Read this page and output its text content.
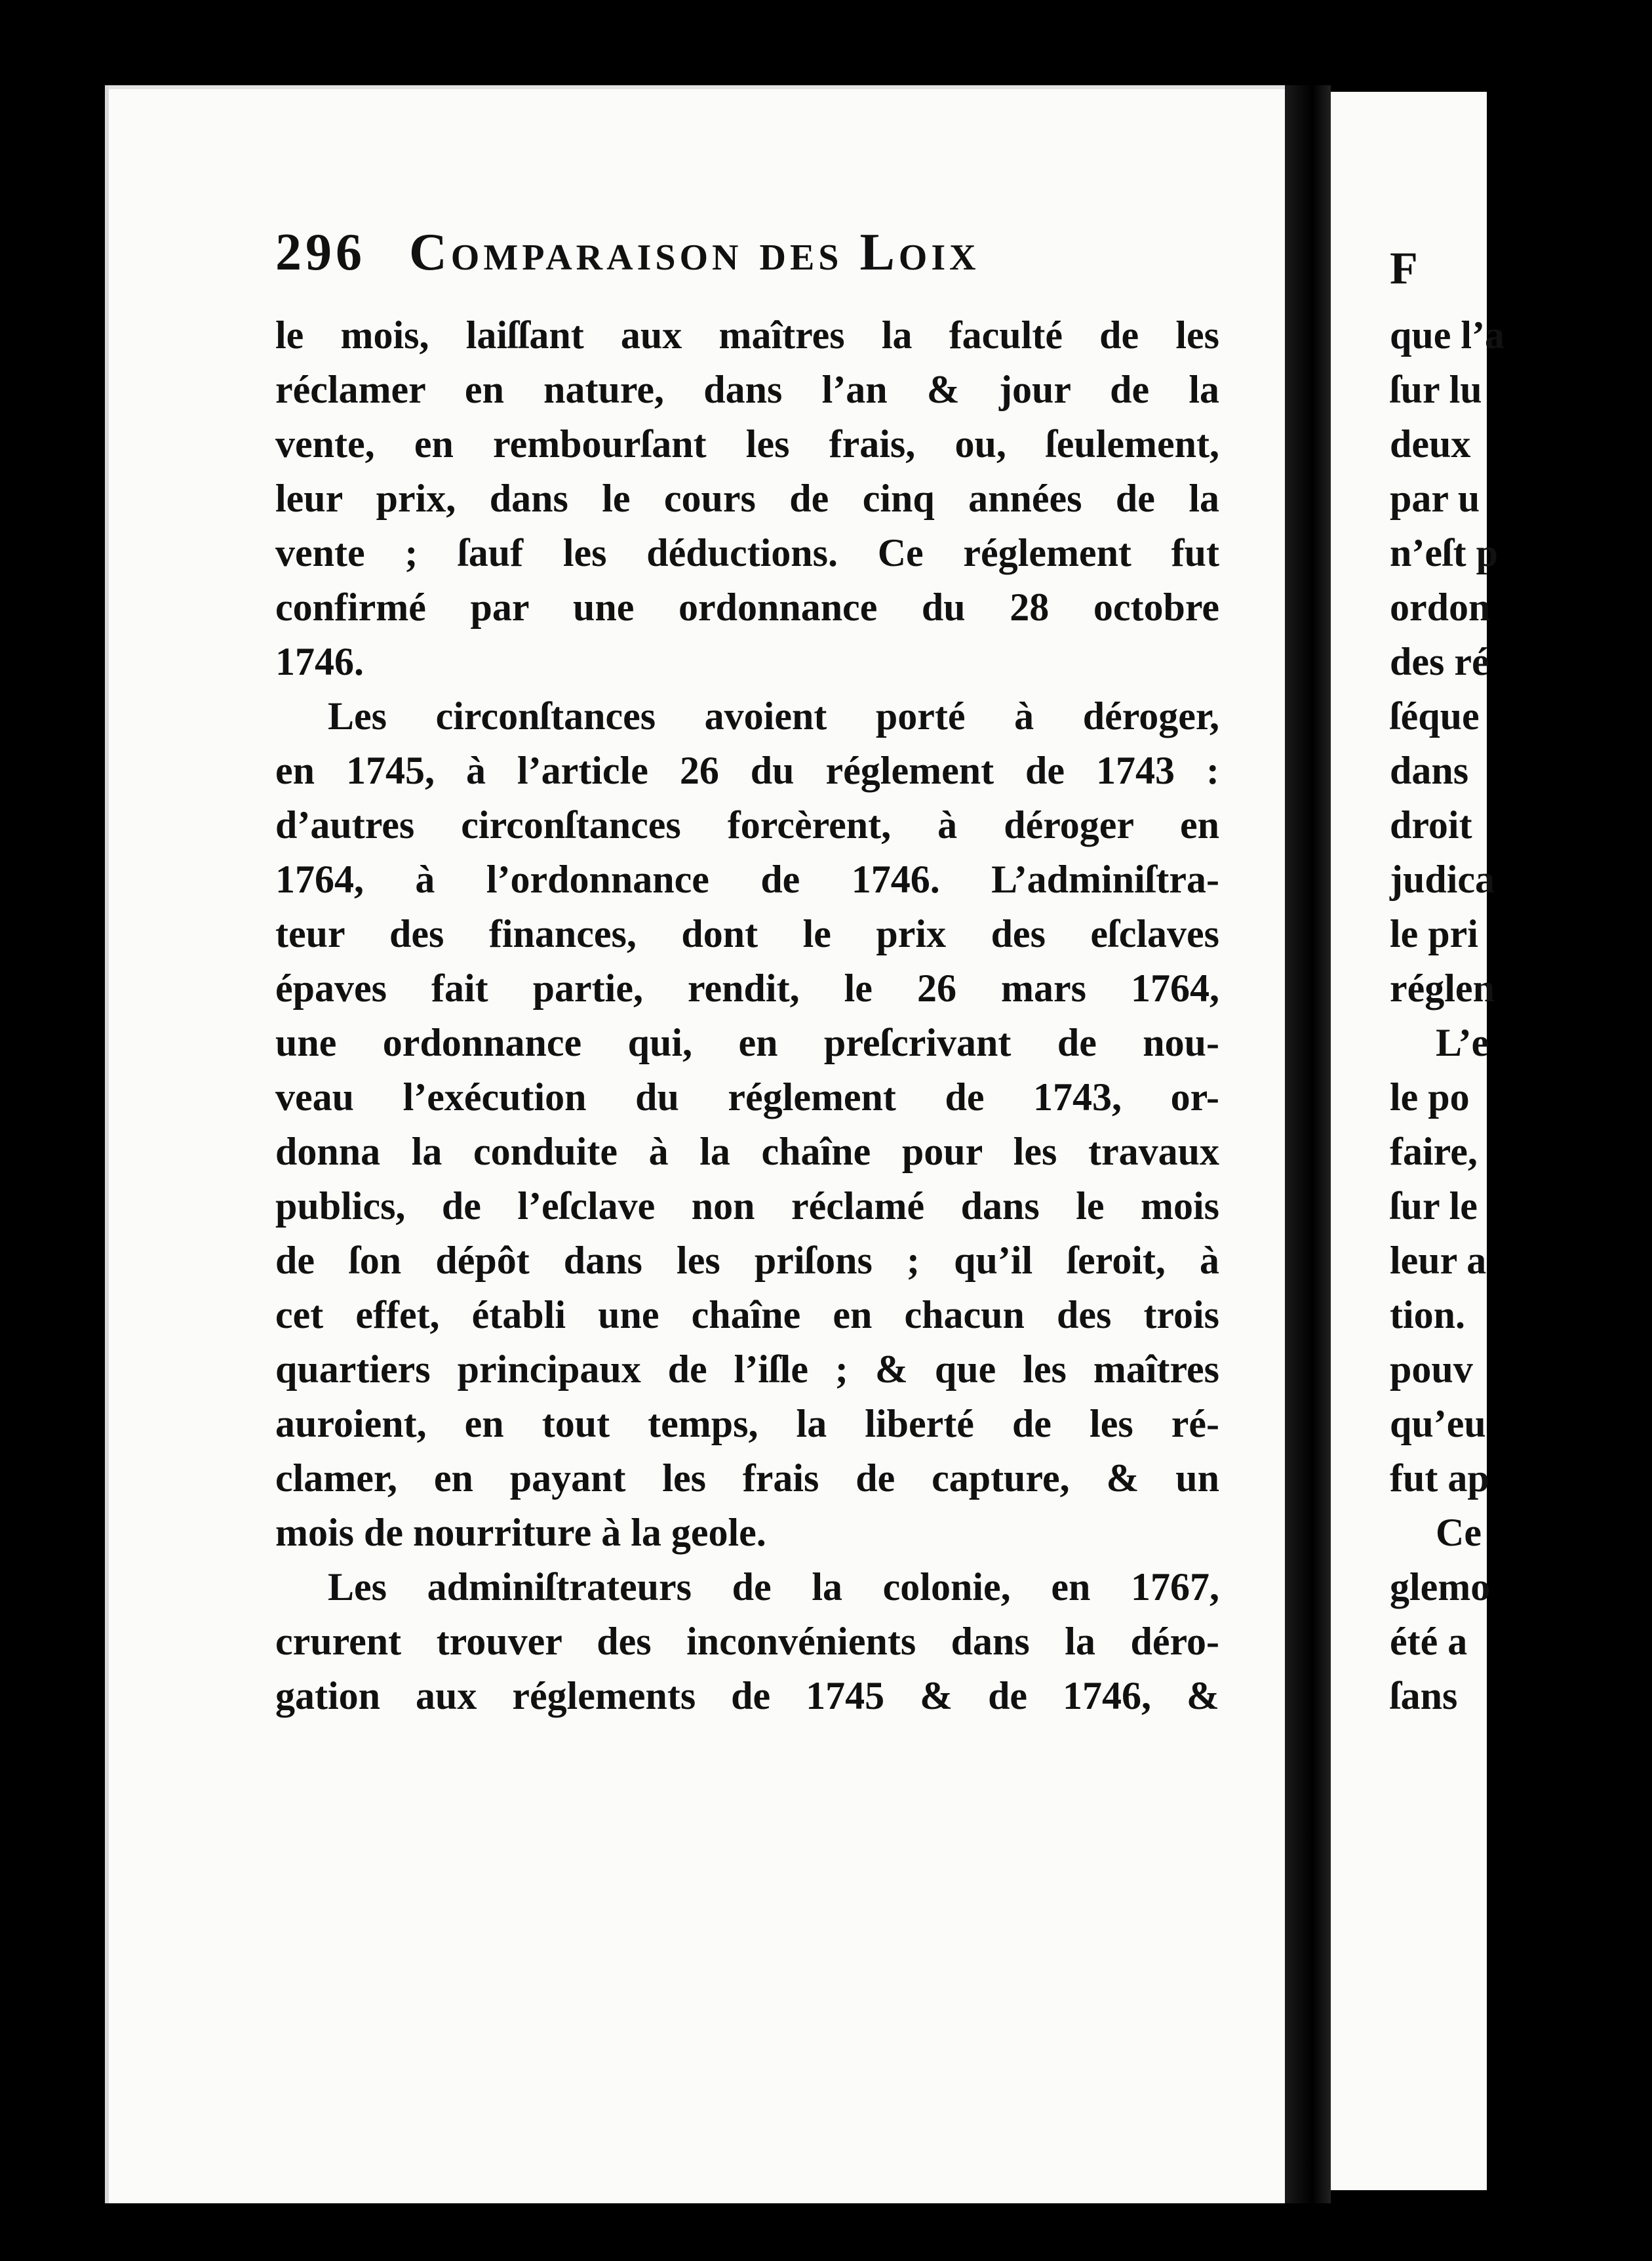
F
que l’a
ſur lu
deux
par u
n’eſt p
ordon
des ré
ſéque
dans
droit
judica
le pri
réglen
L’e
le po
faire,
ſur le
leur a
tion.
pouv
qu’eu
fut ap
Ce
glemo
été a
ſans
296 Comparaison des Loix
le mois, laiſſant aux maîtres la faculté de les
réclamer en nature, dans l’an & jour de la
vente, en rembourſant les frais, ou, ſeulement,
leur prix, dans le cours de cinq années de la
vente ; ſauf les déductions. Ce réglement fut
confirmé par une ordonnance du 28 octobre
1746.
Les circonſtances avoient porté à déroger,
en 1745, à l’article 26 du réglement de 1743 :
d’autres circonſtances forcèrent, à déroger en
1764, à l’ordonnance de 1746. L’adminiſtra-
teur des finances, dont le prix des eſclaves
épaves fait partie, rendit, le 26 mars 1764,
une ordonnance qui, en preſcrivant de nou-
veau l’exécution du réglement de 1743, or-
donna la conduite à la chaîne pour les travaux
publics, de l’eſclave non réclamé dans le mois
de ſon dépôt dans les priſons ; qu’il ſeroit, à
cet effet, établi une chaîne en chacun des trois
quartiers principaux de l’iſle ; & que les maîtres
auroient, en tout temps, la liberté de les ré-
clamer, en payant les frais de capture, & un
mois de nourriture à la geole.
Les adminiſtrateurs de la colonie, en 1767,
crurent trouver des inconvénients dans la déro-
gation aux réglements de 1745 & de 1746, &
